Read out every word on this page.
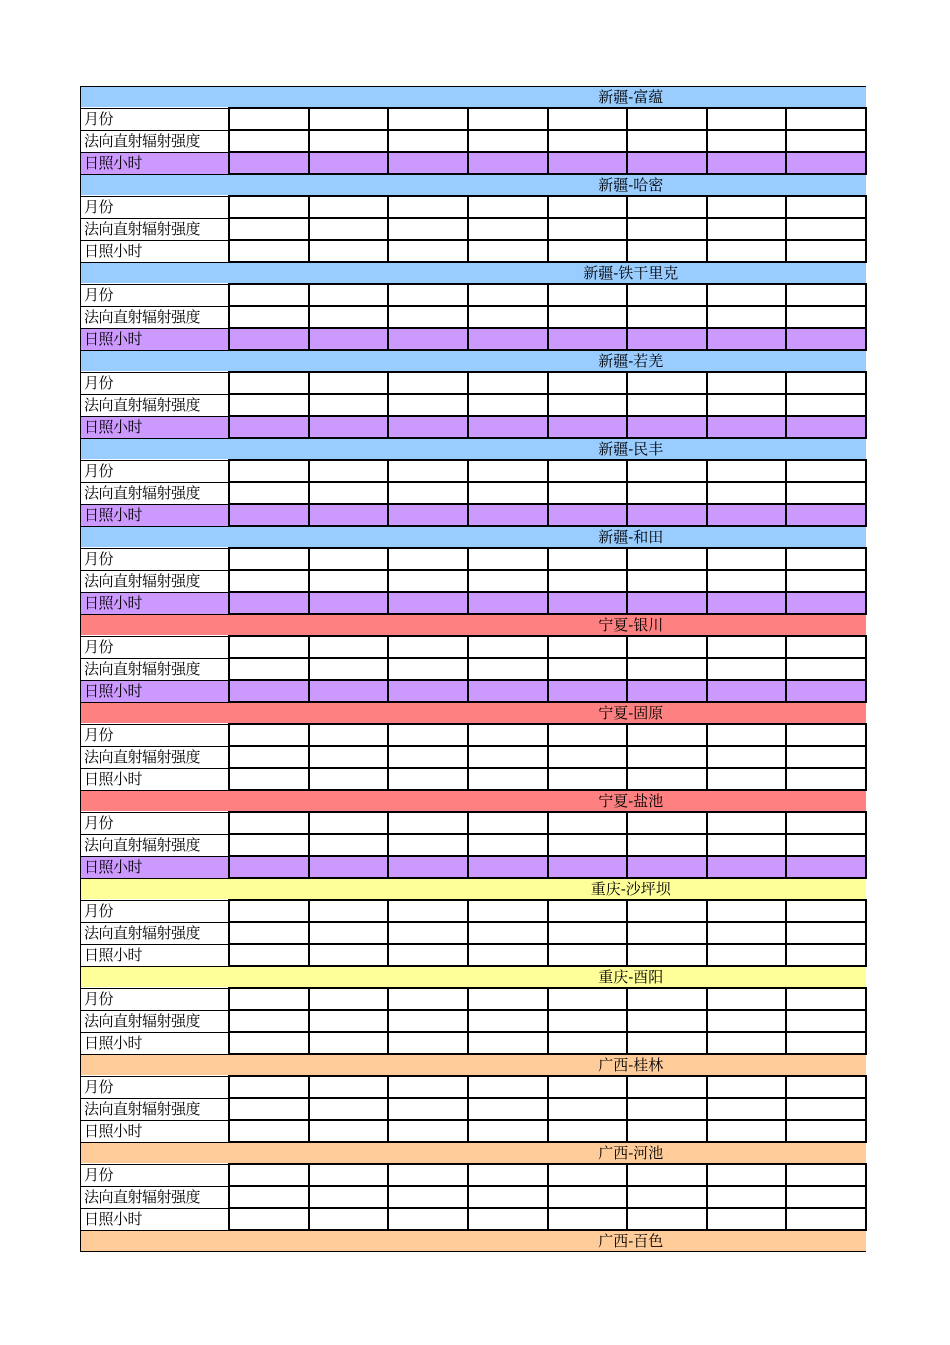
新疆-富蕴								
月份								
法向直射辐射强度								
日照小时								
新疆-哈密								
月份								
法向直射辐射强度								
日照小时								
新疆-铁干里克								
月份								
法向直射辐射强度								
日照小时								
新疆-若羌								
月份								
法向直射辐射强度								
日照小时								
新疆-民丰								
月份								
法向直射辐射强度								
日照小时								
新疆-和田								
月份								
法向直射辐射强度								
日照小时								
宁夏-银川								
月份								
法向直射辐射强度								
日照小时								
宁夏-固原								
月份								
法向直射辐射强度								
日照小时								
宁夏-盐池								
月份								
法向直射辐射强度								
日照小时								
重庆-沙坪坝								
月份								
法向直射辐射强度								
日照小时								
重庆-酉阳								
月份								
法向直射辐射强度								
日照小时								
广西-桂林								
月份								
法向直射辐射强度								
日照小时								
广西-河池								
月份								
法向直射辐射强度								
日照小时								
广西-百色								
